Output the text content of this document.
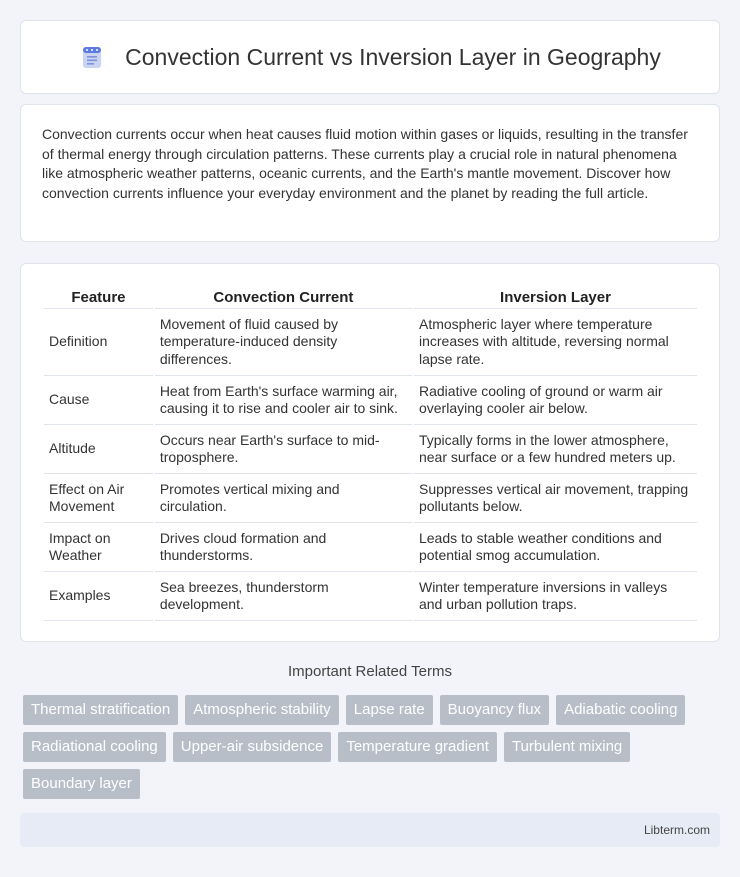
Convection Current vs Inversion Layer in Geography

Convection currents occur when heat causes fluid motion within gases or liquids, resulting in the transfer of thermal energy through circulation patterns. These currents play a crucial role in natural phenomena like atmospheric weather patterns, oceanic currents, and the Earth's mantle movement. Discover how convection currents influence your everyday environment and the planet by reading the full article.

Feature	Convection Current	Inversion Layer
Definition	Movement of fluid caused by temperature-induced density differences.	Atmospheric layer where temperature increases with altitude, reversing normal lapse rate.
Cause	Heat from Earth's surface warming air, causing it to rise and cooler air to sink.	Radiative cooling of ground or warm air overlaying cooler air below.
Altitude	Occurs near Earth's surface to mid-troposphere.	Typically forms in the lower atmosphere, near surface or a few hundred meters up.
Effect on Air Movement	Promotes vertical mixing and circulation.	Suppresses vertical air movement, trapping pollutants below.
Impact on Weather	Drives cloud formation and thunderstorms.	Leads to stable weather conditions and potential smog accumulation.
Examples	Sea breezes, thunderstorm development.	Winter temperature inversions in valleys and urban pollution traps.
Important Related Terms
Thermal stratification	Atmospheric stability	Lapse rate	Buoyancy flux	Adiabatic cooling
Radiational cooling	Upper-air subsidence	Temperature gradient	Turbulent mixing
Boundary layer
Libterm.com
